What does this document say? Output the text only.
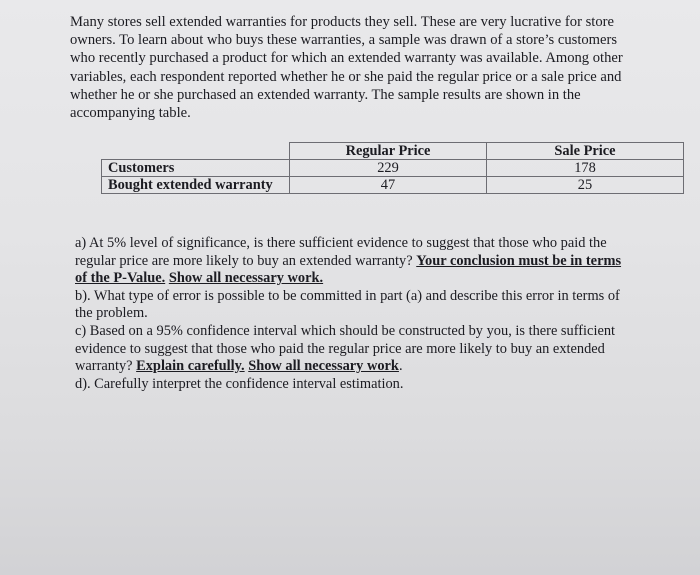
Many stores sell extended warranties for products they sell. These are very lucrative for store owners. To learn about who buys these warranties, a sample was drawn of a store’s customers who recently purchased a product for which an extended warranty was available. Among other variables, each respondent reported whether he or she paid the regular price or a sale price and whether he or she purchased an extended warranty. The sample results are shown in the accompanying table.

	Regular Price	Sale Price
Customers	229	178
Bought extended warranty	47	25

a) At 5% level of significance, is there sufficient evidence to suggest that those who paid the regular price are more likely to buy an extended warranty? Your conclusion must be in terms of the P-Value. Show all necessary work.

b). What type of error is possible to be committed in part (a) and describe this error in terms of the problem.

c) Based on a 95% confidence interval which should be constructed by you, is there sufficient evidence to suggest that those who paid the regular price are more likely to buy an extended warranty? Explain carefully. Show all necessary work.

d). Carefully interpret the confidence interval estimation.
